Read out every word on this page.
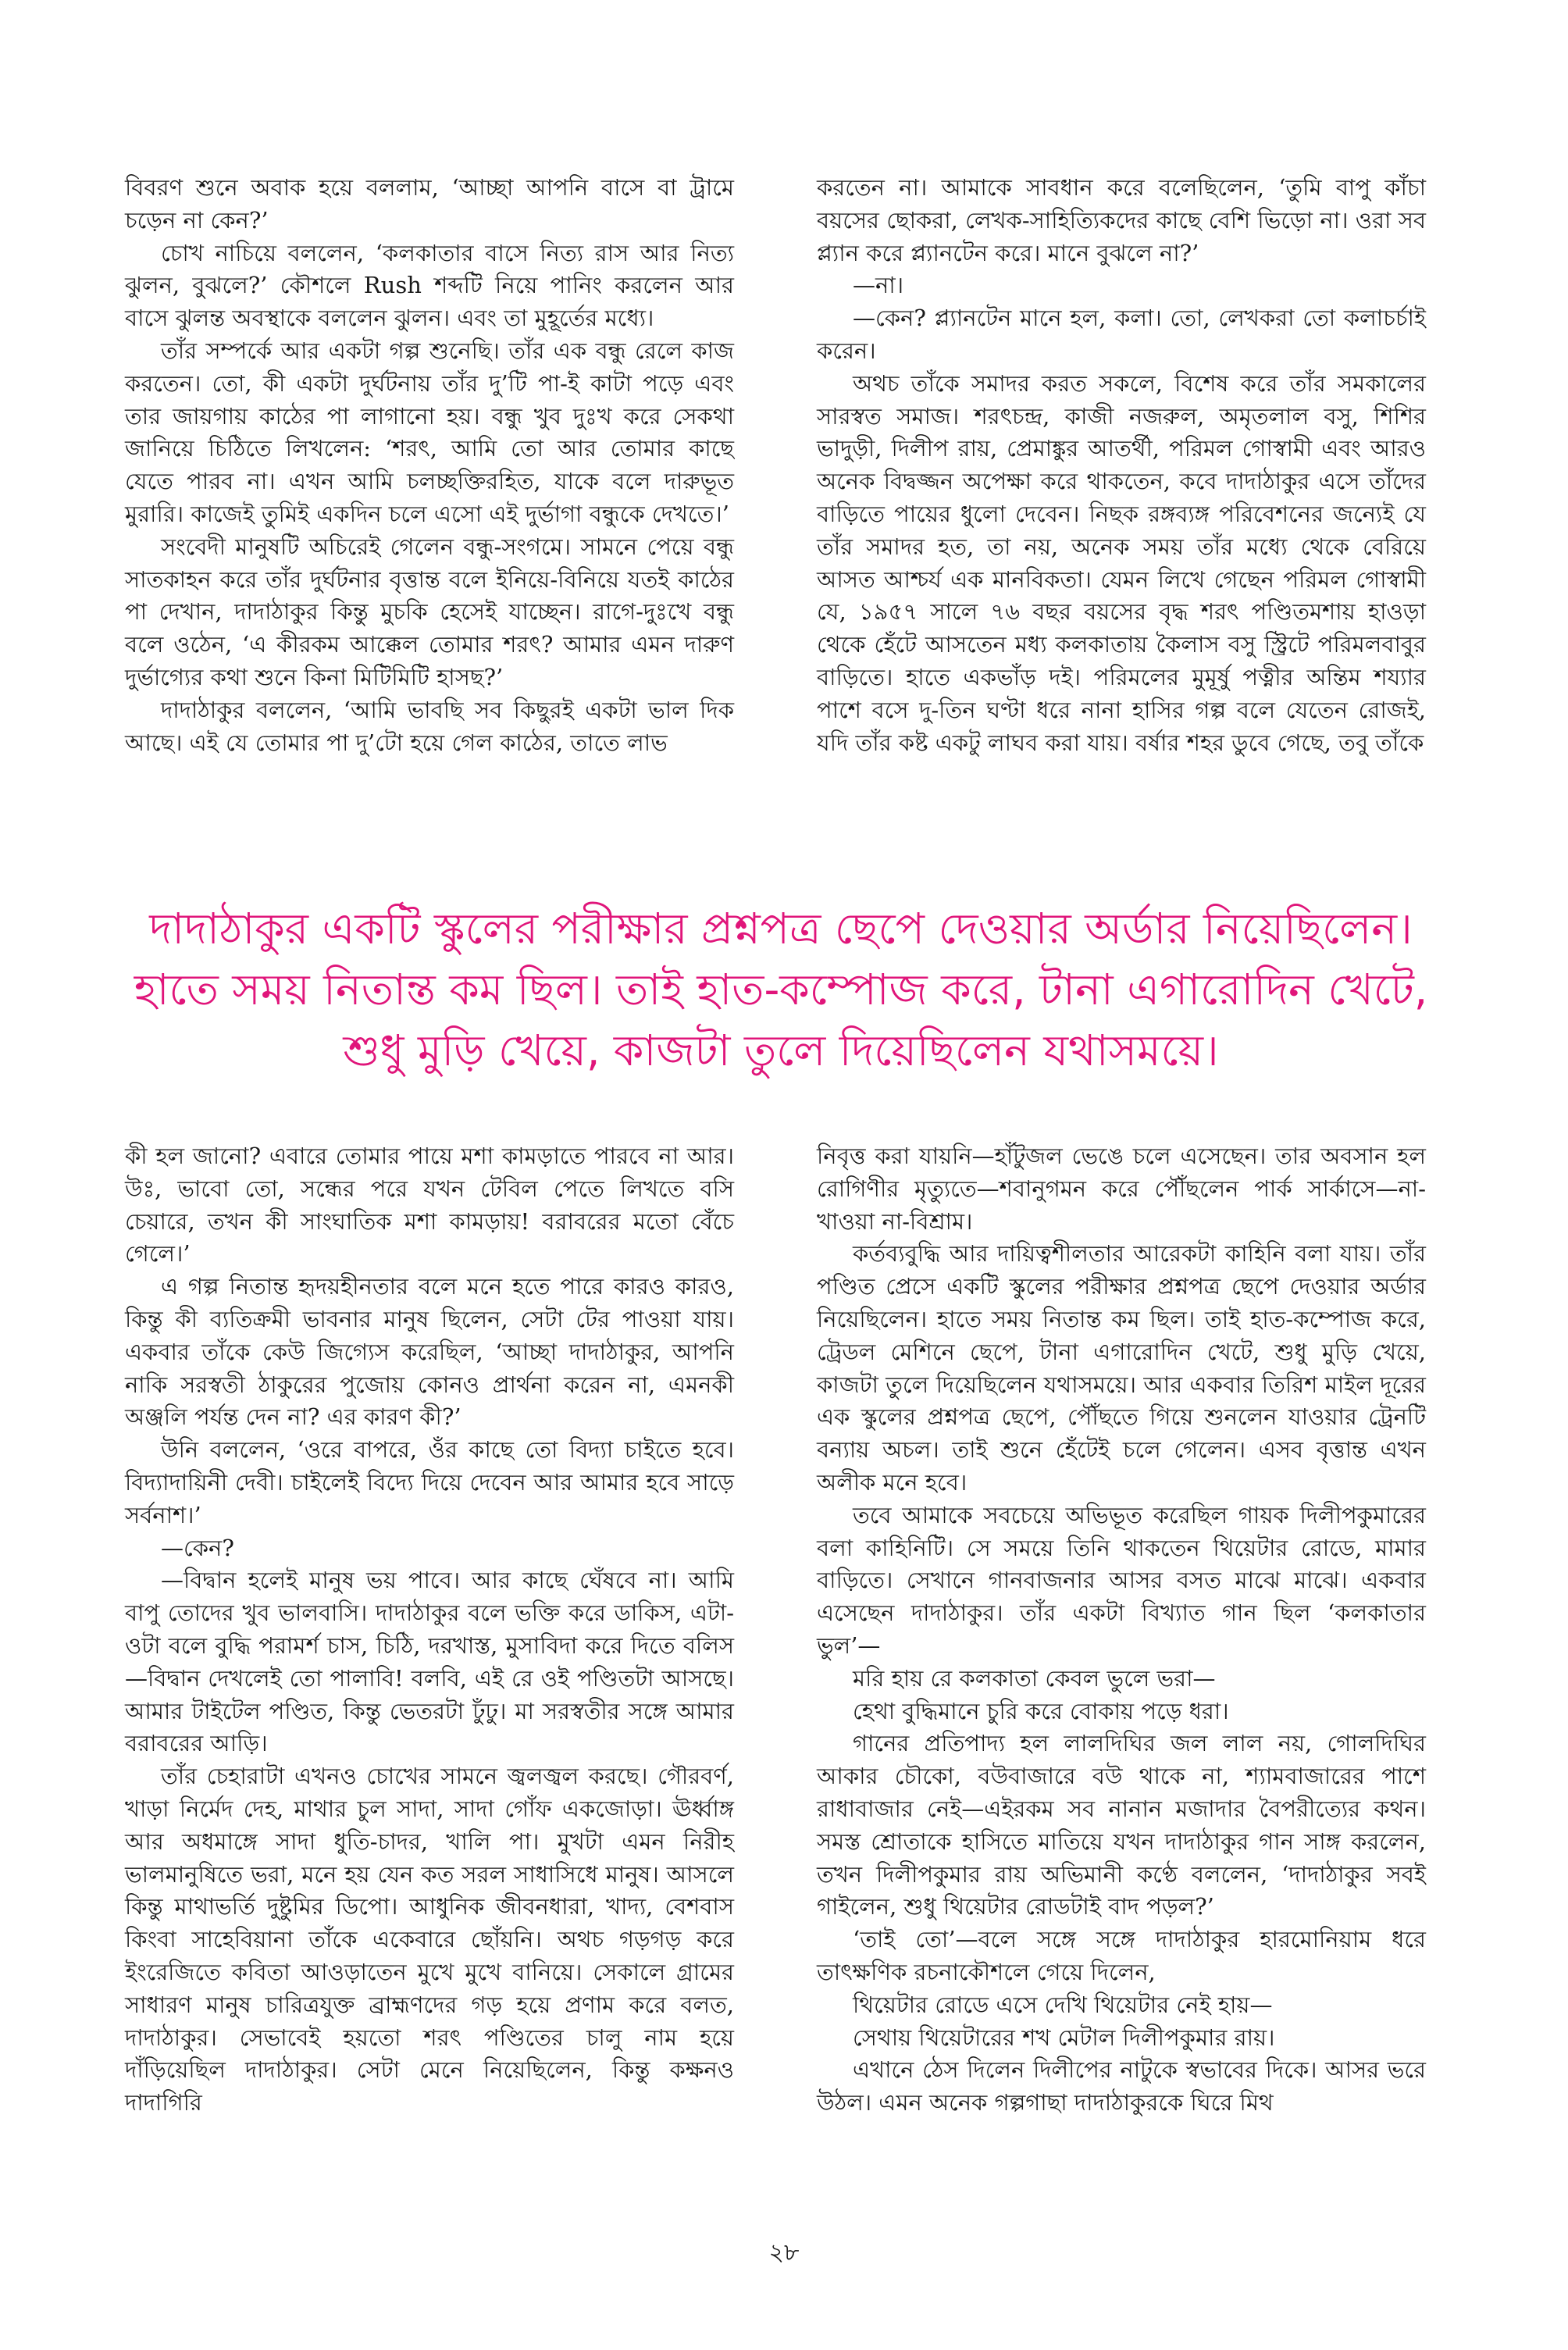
বিবরণ শুনে অবাক হয়ে বললাম, ‘আচ্ছা আপনি বাসে বা ট্রামে চড়েন না কেন?’

চোখ নাচিয়ে বললেন, ‘কলকাতার বাসে নিত্য রাস আর নিত্য ঝুলন, বুঝলে?’ কৌশলে Rush শব্দটি নিয়ে পানিং করলেন আর বাসে ঝুলন্ত অবস্থাকে বললেন ঝুলন। এবং তা মুহূর্তের মধ্যে।

তাঁর সম্পর্কে আর একটা গল্প শুনেছি। তাঁর এক বন্ধু রেলে কাজ করতেন। তো, কী একটা দুর্ঘটনায় তাঁর দু’টি পা-ই কাটা পড়ে এবং তার জায়গায় কাঠের পা লাগানো হয়। বন্ধু খুব দুঃখ করে সেকথা জানিয়ে চিঠিতে লিখলেন: ‘শরৎ, আমি তো আর তোমার কাছে যেতে পারব না। এখন আমি চলচ্ছক্তিরহিত, যাকে বলে দারুভূত মুরারি। কাজেই তুমিই একদিন চলে এসো এই দুর্ভাগা বন্ধুকে দেখতে।’

সংবেদী মানুষটি অচিরেই গেলেন বন্ধু-সংগমে। সামনে পেয়ে বন্ধু সাতকাহন করে তাঁর দুর্ঘটনার বৃত্তান্ত বলে ইনিয়ে-বিনিয়ে যতই কাঠের পা দেখান, দাদাঠাকুর কিন্তু মুচকি হেসেই যাচ্ছেন। রাগে-দুঃখে বন্ধু বলে ওঠেন, ‘এ কীরকম আক্কেল তোমার শরৎ? আমার এমন দারুণ দুর্ভাগ্যের কথা শুনে কিনা মিটিমিটি হাসছ?’

দাদাঠাকুর বললেন, ‘আমি ভাবছি সব কিছুরই একটা ভাল দিক আছে। এই যে তোমার পা দু’টো হয়ে গেল কাঠের, তাতে লাভ

করতেন না। আমাকে সাবধান করে বলেছিলেন, ‘তুমি বাপু কাঁচা বয়সের ছোকরা, লেখক-সাহিত্যিকদের কাছে বেশি ভিড়ো না। ওরা সব প্ল্যান করে প্ল্যানটেন করে। মানে বুঝলে না?’

—না।

—কেন? প্ল্যানটেন মানে হল, কলা। তো, লেখকরা তো কলাচর্চাই করেন।

অথচ তাঁকে সমাদর করত সকলে, বিশেষ করে তাঁর সমকালের সারস্বত সমাজ। শরৎচন্দ্র, কাজী নজরুল, অমৃতলাল বসু, শিশির ভাদুড়ী, দিলীপ রায়, প্রেমাঙ্কুর আতর্থী, পরিমল গোস্বামী এবং আরও অনেক বিদ্বজ্জন অপেক্ষা করে থাকতেন, কবে দাদাঠাকুর এসে তাঁদের বাড়িতে পায়ের ধুলো দেবেন। নিছক রঙ্গব্যঙ্গ পরিবেশনের জন্যেই যে তাঁর সমাদর হত, তা নয়, অনেক সময় তাঁর মধ্যে থেকে বেরিয়ে আসত আশ্চর্য এক মানবিকতা। যেমন লিখে গেছেন পরিমল গোস্বামী যে, ১৯৫৭ সালে ৭৬ বছর বয়সের বৃদ্ধ শরৎ পণ্ডিতমশায় হাওড়া থেকে হেঁটে আসতেন মধ্য কলকাতায় কৈলাস বসু স্ট্রিটে পরিমলবাবুর বাড়িতে। হাতে একভাঁড় দই। পরিমলের মুমূর্ষু পত্নীর অন্তিম শয্যার পাশে বসে দু-তিন ঘণ্টা ধরে নানা হাসির গল্প বলে যেতেন রোজই, যদি তাঁর কষ্ট একটু লাঘব করা যায়। বর্ষার শহর ডুবে গেছে, তবু তাঁকে

দাদাঠাকুর একটি স্কুলের পরীক্ষার প্রশ্নপত্র ছেপে দেওয়ার অর্ডার নিয়েছিলেন।
হাতে সময় নিতান্ত কম ছিল। তাই হাত-কম্পোজ করে, টানা এগারোদিন খেটে,
শুধু মুড়ি খেয়ে, কাজটা তুলে দিয়েছিলেন যথাসময়ে।

কী হল জানো? এবারে তোমার পায়ে মশা কামড়াতে পারবে না আর। উঃ, ভাবো তো, সন্ধের পরে যখন টেবিল পেতে লিখতে বসি চেয়ারে, তখন কী সাংঘাতিক মশা কামড়ায়! বরাবরের মতো বেঁচে গেলে।’

এ গল্প নিতান্ত হৃদয়হীনতার বলে মনে হতে পারে কারও কারও, কিন্তু কী ব্যতিক্রমী ভাবনার মানুষ ছিলেন, সেটা টের পাওয়া যায়। একবার তাঁকে কেউ জিগ্যেস করেছিল, ‘আচ্ছা দাদাঠাকুর, আপনি নাকি সরস্বতী ঠাকুরের পুজোয় কোনও প্রার্থনা করেন না, এমনকী অঞ্জলি পর্যন্ত দেন না? এর কারণ কী?’

উনি বললেন, ‘ওরে বাপরে, ওঁর কাছে তো বিদ্যা চাইতে হবে। বিদ্যাদায়িনী দেবী। চাইলেই বিদ্যে দিয়ে দেবেন আর আমার হবে সাড়ে সর্বনাশ।’

—কেন?

—বিদ্বান হলেই মানুষ ভয় পাবে। আর কাছে ঘেঁষবে না। আমি বাপু তোদের খুব ভালবাসি। দাদাঠাকুর বলে ভক্তি করে ডাকিস, এটা-ওটা বলে বুদ্ধি পরামর্শ চাস, চিঠি, দরখাস্ত, মুসাবিদা করে দিতে বলিস—বিদ্বান দেখলেই তো পালাবি! বলবি, এই রে ওই পণ্ডিতটা আসছে। আমার টাইটেল পণ্ডিত, কিন্তু ভেতরটা ঢুঁঢু। মা সরস্বতীর সঙ্গে আমার বরাবরের আড়ি।

তাঁর চেহারাটা এখনও চোখের সামনে জ্বলজ্বল করছে। গৌরবর্ণ, খাড়া নির্মেদ দেহ, মাথার চুল সাদা, সাদা গোঁফ একজোড়া। ঊর্ধ্বাঙ্গ আর অধমাঙ্গে সাদা ধুতি-চাদর, খালি পা। মুখটা এমন নিরীহ ভালমানুষিতে ভরা, মনে হয় যেন কত সরল সাধাসিধে মানুষ। আসলে কিন্তু মাথাভর্তি দুষ্টুমির ডিপো। আধুনিক জীবনধারা, খাদ্য, বেশবাস কিংবা সাহেবিয়ানা তাঁকে একেবারে ছোঁয়নি। অথচ গড়গড় করে ইংরেজিতে কবিতা আওড়াতেন মুখে মুখে বানিয়ে। সেকালে গ্রামের সাধারণ মানুষ চারিত্রযুক্ত ব্রাহ্মণদের গড় হয়ে প্রণাম করে বলত, দাদাঠাকুর। সেভাবেই হয়তো শরৎ পণ্ডিতের চালু নাম হয়ে দাঁড়িয়েছিল দাদাঠাকুর। সেটা মেনে নিয়েছিলেন, কিন্তু কক্ষনও দাদাগিরি

নিবৃত্ত করা যায়নি—হাঁটুজল ভেঙে চলে এসেছেন। তার অবসান হল রোগিণীর মৃত্যুতে—শবানুগমন করে পৌঁছলেন পার্ক সার্কাসে—না-খাওয়া না-বিশ্রাম।

কর্তব্যবুদ্ধি আর দায়িত্বশীলতার আরেকটা কাহিনি বলা যায়। তাঁর পণ্ডিত প্রেসে একটি স্কুলের পরীক্ষার প্রশ্নপত্র ছেপে দেওয়ার অর্ডার নিয়েছিলেন। হাতে সময় নিতান্ত কম ছিল। তাই হাত-কম্পোজ করে, ট্রেডল মেশিনে ছেপে, টানা এগারোদিন খেটে, শুধু মুড়ি খেয়ে, কাজটা তুলে দিয়েছিলেন যথাসময়ে। আর একবার তিরিশ মাইল দূরের এক স্কুলের প্রশ্নপত্র ছেপে, পৌঁছতে গিয়ে শুনলেন যাওয়ার ট্রেনটি বন্যায় অচল। তাই শুনে হেঁটেই চলে গেলেন। এসব বৃত্তান্ত এখন অলীক মনে হবে।

তবে আমাকে সবচেয়ে অভিভূত করেছিল গায়ক দিলীপকুমারের বলা কাহিনিটি। সে সময়ে তিনি থাকতেন থিয়েটার রোডে, মামার বাড়িতে। সেখানে গানবাজনার আসর বসত মাঝে মাঝে। একবার এসেছেন দাদাঠাকুর। তাঁর একটা বিখ্যাত গান ছিল ‘কলকাতার ভুল’—

মরি হায় রে কলকাতা কেবল ভুলে ভরা—

হেথা বুদ্ধিমানে চুরি করে বোকায় পড়ে ধরা।

গানের প্রতিপাদ্য হল লালদিঘির জল লাল নয়, গোলদিঘির আকার চৌকো, বউবাজারে বউ থাকে না, শ্যামবাজারের পাশে রাধাবাজার নেই—এইরকম সব নানান মজাদার বৈপরীত্যের কথন। সমস্ত শ্রোতাকে হাসিতে মাতিয়ে যখন দাদাঠাকুর গান সাঙ্গ করলেন, তখন দিলীপকুমার রায় অভিমানী কণ্ঠে বললেন, ‘দাদাঠাকুর সবই গাইলেন, শুধু থিয়েটার রোডটাই বাদ পড়ল?’

‘তাই তো’—বলে সঙ্গে সঙ্গে দাদাঠাকুর হারমোনিয়াম ধরে তাৎক্ষণিক রচনাকৌশলে গেয়ে দিলেন,

থিয়েটার রোডে এসে দেখি থিয়েটার নেই হায়—

সেথায় থিয়েটারের শখ মেটাল দিলীপকুমার রায়।

এখানে ঠেস দিলেন দিলীপের নাটুকে স্বভাবের দিকে। আসর ভরে উঠল। এমন অনেক গল্পগাছা দাদাঠাকুরকে ঘিরে মিথ

২৮
